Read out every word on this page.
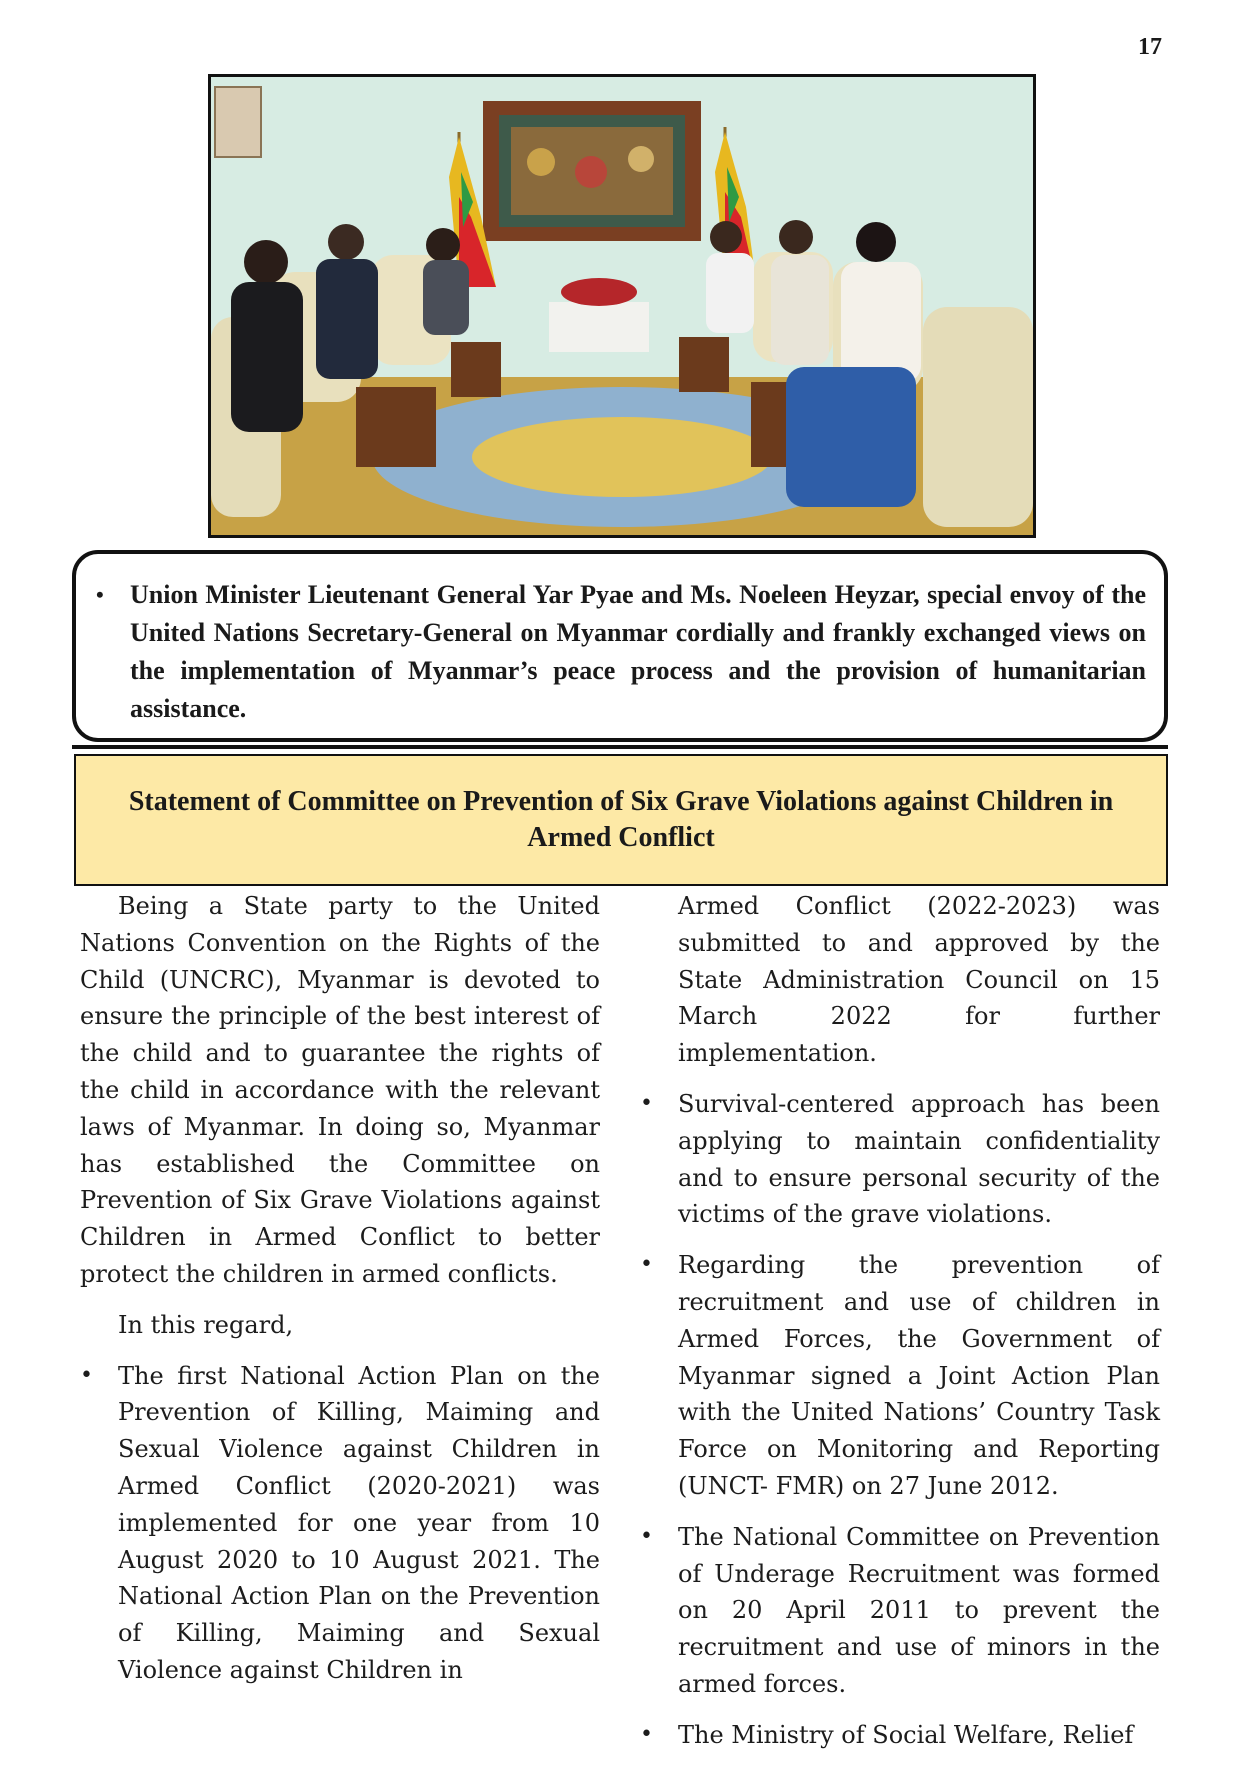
17

• Union Minister Lieutenant General Yar Pyae and Ms. Noeleen Heyzar, special envoy of the United Nations Secretary-General on Myanmar cordially and frankly exchanged views on the implementation of Myanmar’s peace process and the provision of humanitarian assistance.

Statement of Committee on Prevention of Six Grave Violations against Children in Armed Conflict

Being a State party to the United Nations Convention on the Rights of the Child (UNCRC), Myanmar is devoted to ensure the principle of the best interest of the child and to guarantee the rights of the child in accordance with the relevant laws of Myanmar. In doing so, Myanmar has established the Committee on Prevention of Six Grave Violations against Children in Armed Conflict to better protect the children in armed conflicts.

In this regard,

• The first National Action Plan on the Prevention of Killing, Maiming and Sexual Violence against Children in Armed Conflict (2020-2021) was implemented for one year from 10 August 2020 to 10 August 2021. The National Action Plan on the Prevention of Killing, Maiming and Sexual Violence against Children in

Armed Conflict (2022-2023) was submitted to and approved by the State Administration Council on 15 March 2022 for further implementation.

• Survival-centered approach has been applying to maintain confidentiality and to ensure personal security of the victims of the grave violations.

• Regarding the prevention of recruitment and use of children in Armed Forces, the Government of Myanmar signed a Joint Action Plan with the United Nations’ Country Task Force on Monitoring and Reporting (UNCT- FMR) on 27 June 2012.

• The National Committee on Prevention of Underage Recruitment was formed on 20 April 2011 to prevent the recruitment and use of minors in the armed forces.

• The Ministry of Social Welfare, Relief
